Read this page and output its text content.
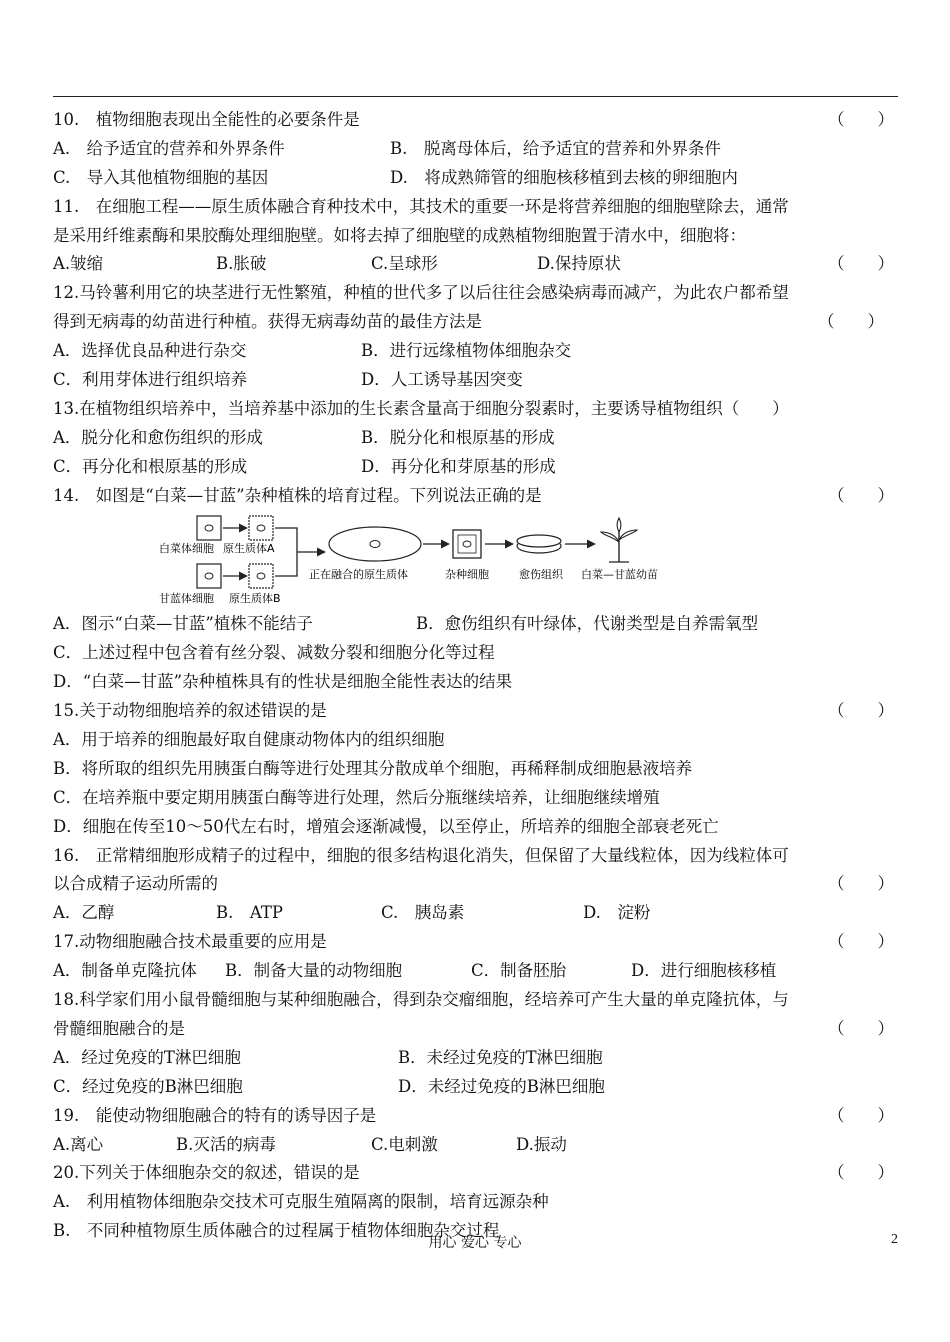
10.　植物细胞表现出全能性的必要条件是	（　　）
A.　给予适宜的营养和外界条件	B.　脱离母体后，给予适宜的营养和外界条件
C.　导入其他植物细胞的基因	D.　将成熟筛管的细胞核移植到去核的卵细胞内
11.　在细胞工程——原生质体融合育种技术中，其技术的重要一环是将营养细胞的细胞壁除去，通常
是采用纤维素酶和果胶酶处理细胞壁。如将去掉了细胞壁的成熟植物细胞置于清水中，细胞将：
A.皱缩	B.胀破	C.呈球形	D.保持原状	（　　）
12.马铃薯利用它的块茎进行无性繁殖，种植的世代多了以后往往会感染病毒而减产，为此农户都希望
得到无病毒的幼苗进行种植。获得无病毒幼苗的最佳方法是	（　　）
A．选择优良品种进行杂交	B．进行远缘植物体细胞杂交
C．利用芽体进行组织培养	D．人工诱导基因突变
13.在植物组织培养中，当培养基中添加的生长素含量高于细胞分裂素时，主要诱导植物组织（　　）
A．脱分化和愈伤组织的形成	B．脱分化和根原基的形成
C．再分化和根原基的形成	D．再分化和芽原基的形成
14.　如图是“白菜—甘蓝”杂种植株的培育过程。下列说法正确的是	（　　）
白菜体细胞 原生质体A
甘蓝体细胞 原生质体B
正在融合的原生质体	杂种细胞	愈伤组织 白菜—甘蓝幼苗
A．图示“白菜—甘蓝”植株不能结子	B．愈伤组织有叶绿体，代谢类型是自养需氧型
C．上述过程中包含着有丝分裂、减数分裂和细胞分化等过程
D．“白菜—甘蓝”杂种植株具有的性状是细胞全能性表达的结果
15.关于动物细胞培养的叙述错误的是	（　　）
A．用于培养的细胞最好取自健康动物体内的组织细胞
B．将所取的组织先用胰蛋白酶等进行处理其分散成单个细胞，再稀释制成细胞悬液培养
C．在培养瓶中要定期用胰蛋白酶等进行处理，然后分瓶继续培养，让细胞继续增殖
D．细胞在传至10～50代左右时，增殖会逐渐减慢，以至停止，所培养的细胞全部衰老死亡
16.　正常精细胞形成精子的过程中，细胞的很多结构退化消失，但保留了大量线粒体，因为线粒体可
以合成精子运动所需的	（　　）
A．乙醇	B.　ATP	C.　胰岛素	D.　淀粉
17.动物细胞融合技术最重要的应用是	（　　）
A．制备单克隆抗体 B．制备大量的动物细胞	C．制备胚胎	D．进行细胞核移植
18.科学家们用小鼠骨髓细胞与某种细胞融合，得到杂交瘤细胞，经培养可产生大量的单克隆抗体，与
骨髓细胞融合的是	（　　）
A．经过免疫的T淋巴细胞	B．未经过免疫的T淋巴细胞
C．经过免疫的B淋巴细胞	D．未经过免疫的B淋巴细胞
19.　能使动物细胞融合的特有的诱导因子是	（　　）
A.离心	B.灭活的病毒	C.电刺激	D.振动
20.下列关于体细胞杂交的叙述，错误的是	（　　）
A.　利用植物体细胞杂交技术可克服生殖隔离的限制，培育远源杂种
B.　不同种植物原生质体融合的过程属于植物体细胞杂交过程
用心 爱心 专心	2
